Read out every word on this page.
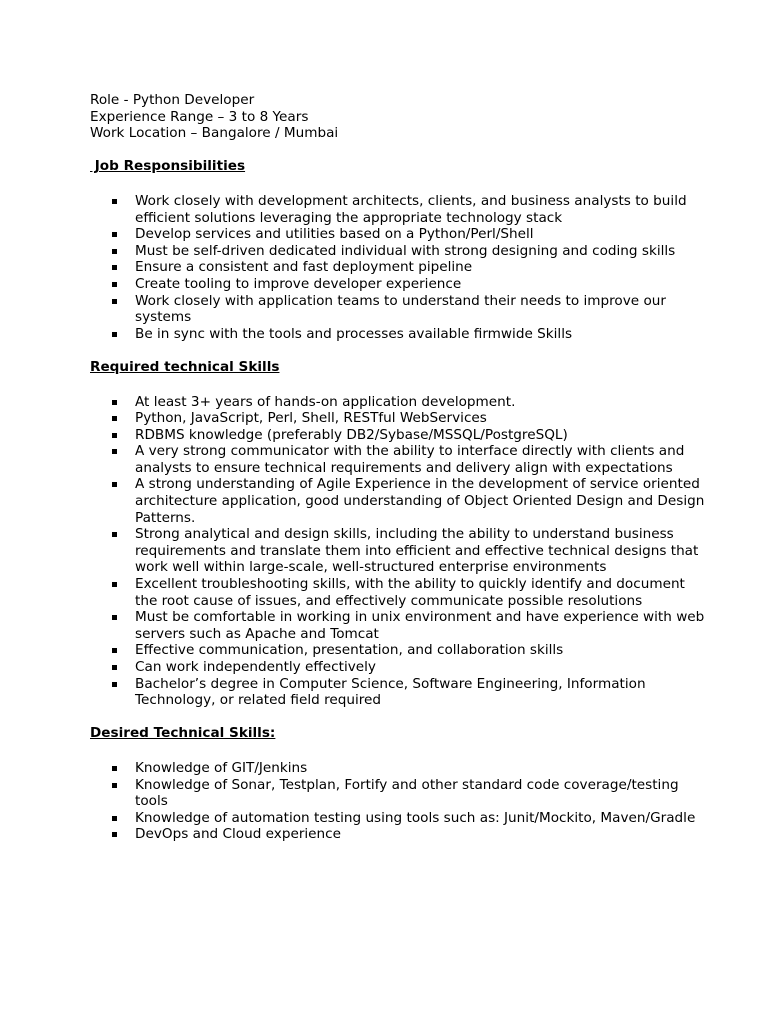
Role - Python Developer

Experience Range – 3 to 8 Years

Work Location – Bangalore / Mumbai

Job Responsibilities

Work closely with development architects, clients, and business analysts to build efficient solutions leveraging the appropriate technology stack
Develop services and utilities based on a Python/Perl/Shell
Must be self-driven dedicated individual with strong designing and coding skills
Ensure a consistent and fast deployment pipeline
Create tooling to improve developer experience
Work closely with application teams to understand their needs to improve our systems
Be in sync with the tools and processes available firmwide Skills

Required technical Skills

At least 3+ years of hands-on application development.
Python, JavaScript, Perl, Shell, RESTful WebServices
RDBMS knowledge (preferably DB2/Sybase/MSSQL/PostgreSQL)
A very strong communicator with the ability to interface directly with clients and analysts to ensure technical requirements and delivery align with expectations
A strong understanding of Agile Experience in the development of service oriented architecture application, good understanding of Object Oriented Design and Design Patterns.
Strong analytical and design skills, including the ability to understand business requirements and translate them into efficient and effective technical designs that work well within large-scale, well-structured enterprise environments
Excellent troubleshooting skills, with the ability to quickly identify and document the root cause of issues, and effectively communicate possible resolutions
Must be comfortable in working in unix environment and have experience with web servers such as Apache and Tomcat
Effective communication, presentation, and collaboration skills
Can work independently effectively
Bachelor’s degree in Computer Science, Software Engineering, Information Technology, or related field required

Desired Technical Skills:

Knowledge of GIT/Jenkins
Knowledge of Sonar, Testplan, Fortify and other standard code coverage/testing tools
Knowledge of automation testing using tools such as: Junit/Mockito, Maven/Gradle
DevOps and Cloud experience
